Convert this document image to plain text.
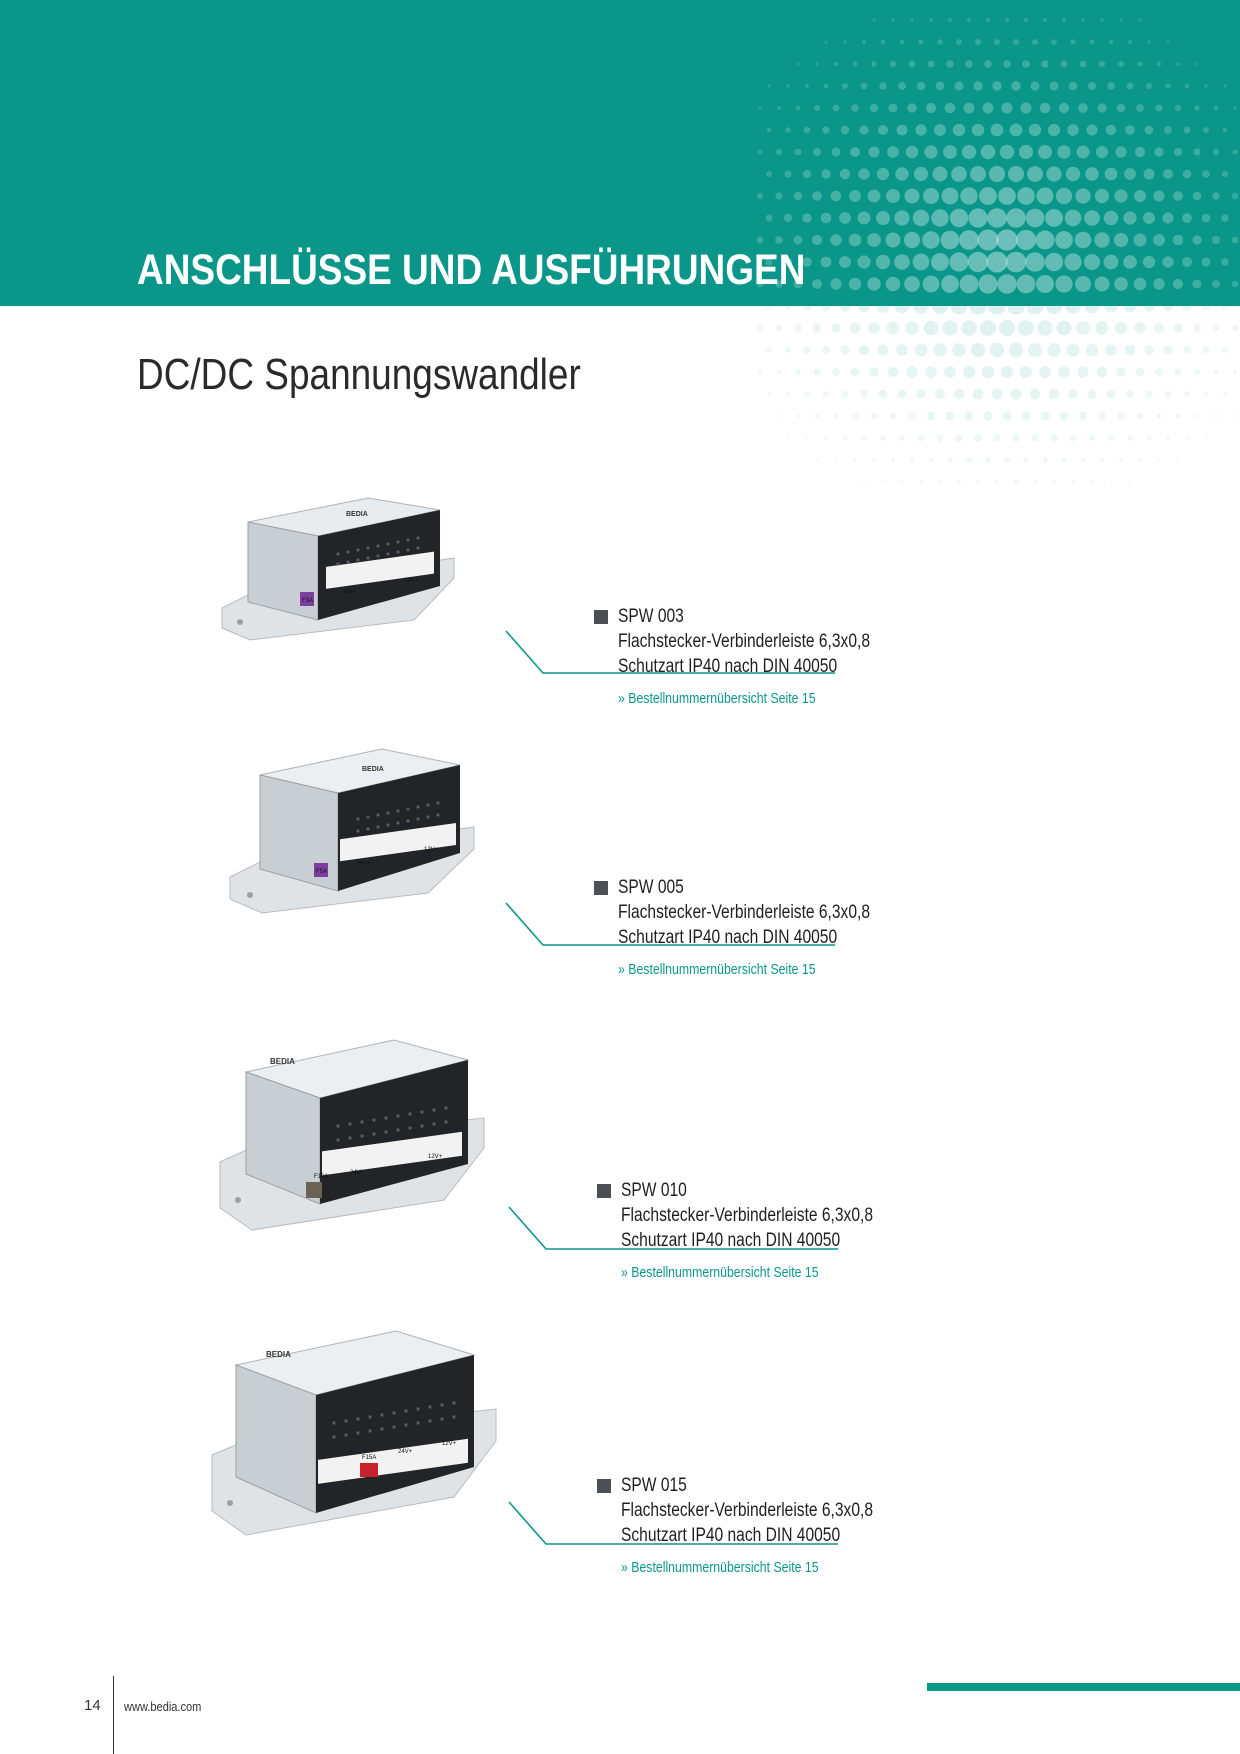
ANSCHLÜSSE UND AUSFÜHRUNGEN
DC/DC Spannungswandler
BEDIA
F3A
24V+
12V+
SPW 003
Flachstecker-Verbinderleiste 6,3x0,8
Schutzart IP40 nach DIN 40050
» Bestellnummernübersicht Seite 15
BEDIA
F5A
24V+
12V+
SPW 005
Flachstecker-Verbinderleiste 6,3x0,8
Schutzart IP40 nach DIN 40050
» Bestellnummernübersicht Seite 15
BEDIA
F10A
24V+
12V+
SPW 010
Flachstecker-Verbinderleiste 6,3x0,8
Schutzart IP40 nach DIN 40050
» Bestellnummernübersicht Seite 15
BEDIA
F15A
24V+
12V+
SPW 015
Flachstecker-Verbinderleiste 6,3x0,8
Schutzart IP40 nach DIN 40050
» Bestellnummernübersicht Seite 15
14 www.bedia.com
